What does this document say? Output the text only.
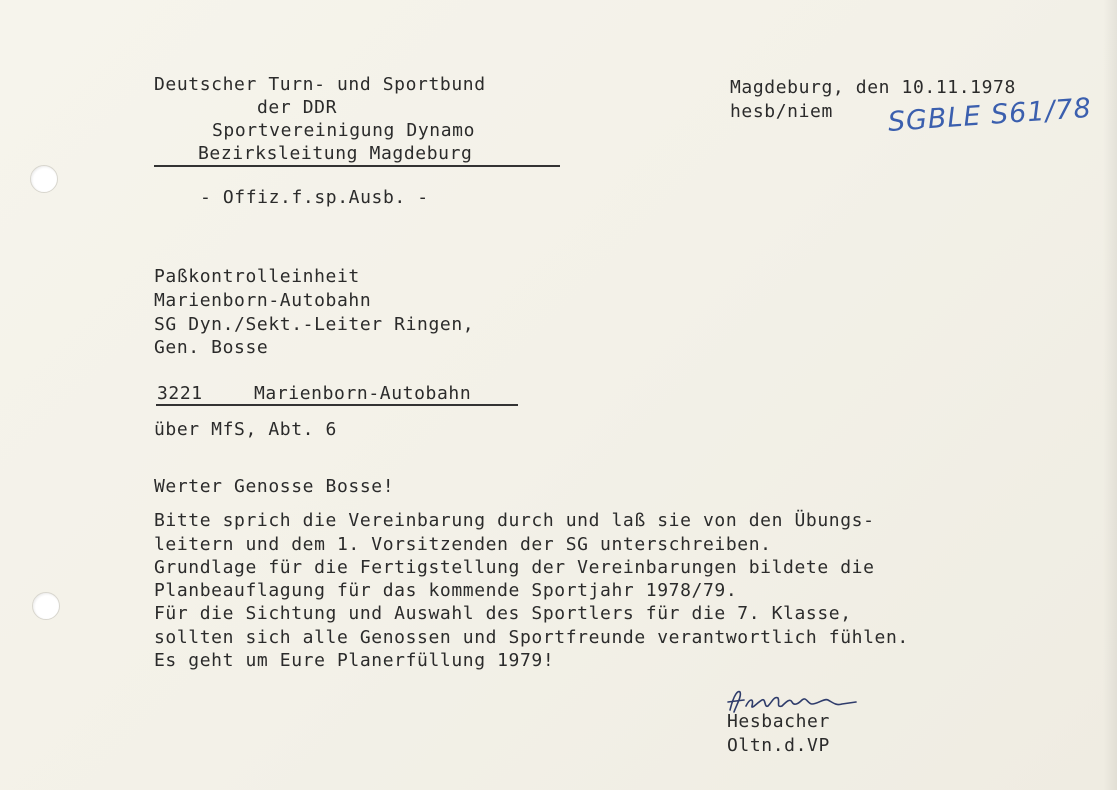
Deutscher Turn- und Sportbund
der DDR
Sportvereinigung Dynamo
Bezirksleitung Magdeburg
- Offiz.f.sp.Ausb. -
Magdeburg, den 10.11.1978
hesb/niem SGBLE S61/78
Paßkontrolleinheit
Marienborn-Autobahn
SG Dyn./Sekt.-Leiter Ringen,
Gen. Bosse
3221	Marienborn-Autobahn
über MfS, Abt. 6
Werter Genosse Bosse!
Bitte sprich die Vereinbarung durch und laß sie von den Übungs-
leitern und dem 1. Vorsitzenden der SG unterschreiben.
Grundlage für die Fertigstellung der Vereinbarungen bildete die
Planbeauflagung für das kommende Sportjahr 1978/79.
Für die Sichtung und Auswahl des Sportlers für die 7. Klasse,
sollten sich alle Genossen und Sportfreunde verantwortlich fühlen.
Es geht um Eure Planerfüllung 1979!
Hesbacher
Oltn.d.VP
